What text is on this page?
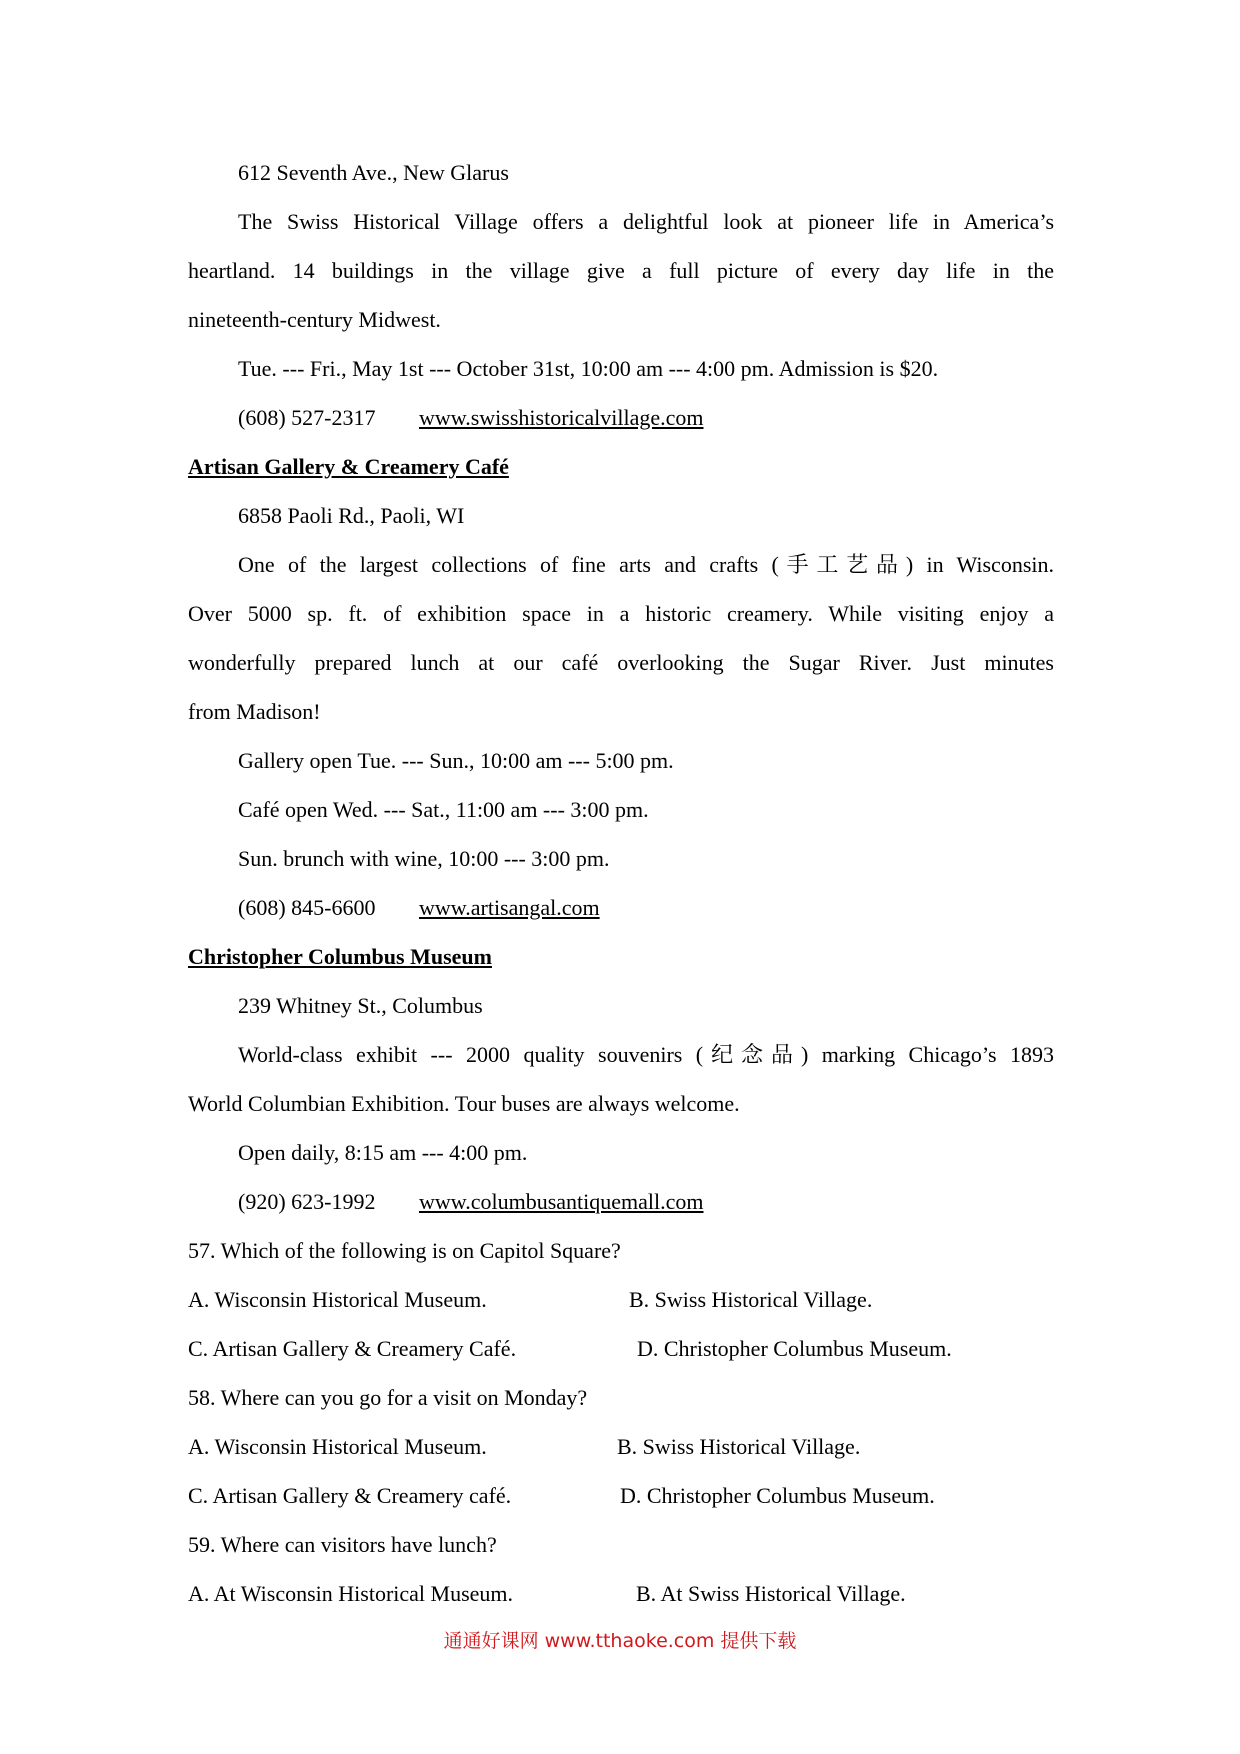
612 Seventh Ave., New Glarus
The Swiss Historical Village offers a delightful look at pioneer life in America’s
heartland. 14 buildings in the village give a full picture of every day life in the
nineteenth-century Midwest.
Tue. --- Fri., May 1st --- October 31st, 10:00 am --- 4:00 pm. Admission is $20.
(608) 527-2317 www.swisshistoricalvillage.com
Artisan Gallery & Creamery Café
6858 Paoli Rd., Paoli, WI
One of the largest collections of fine arts and crafts (手工艺品) in Wisconsin.
Over 5000 sp. ft. of exhibition space in a historic creamery. While visiting enjoy a
wonderfully prepared lunch at our café overlooking the Sugar River. Just minutes
from Madison!
Gallery open Tue. --- Sun., 10:00 am --- 5:00 pm.
Café open Wed. --- Sat., 11:00 am --- 3:00 pm.
Sun. brunch with wine, 10:00 --- 3:00 pm.
(608) 845-6600 www.artisangal.com
Christopher Columbus Museum
239 Whitney St., Columbus
World-class exhibit --- 2000 quality souvenirs (纪念品) marking Chicago’s 1893
World Columbian Exhibition. Tour buses are always welcome.
Open daily, 8:15 am --- 4:00 pm.
(920) 623-1992 www.columbusantiquemall.com
57. Which of the following is on Capitol Square?
A. Wisconsin Historical Museum.	B. Swiss Historical Village.
C. Artisan Gallery & Creamery Café.	D. Christopher Columbus Museum.
58. Where can you go for a visit on Monday?
A. Wisconsin Historical Museum.	B. Swiss Historical Village.
C. Artisan Gallery & Creamery café.	D. Christopher Columbus Museum.
59. Where can visitors have lunch?
A. At Wisconsin Historical Museum.	B. At Swiss Historical Village.
通通好课网 www.tthaoke.com 提供下载
